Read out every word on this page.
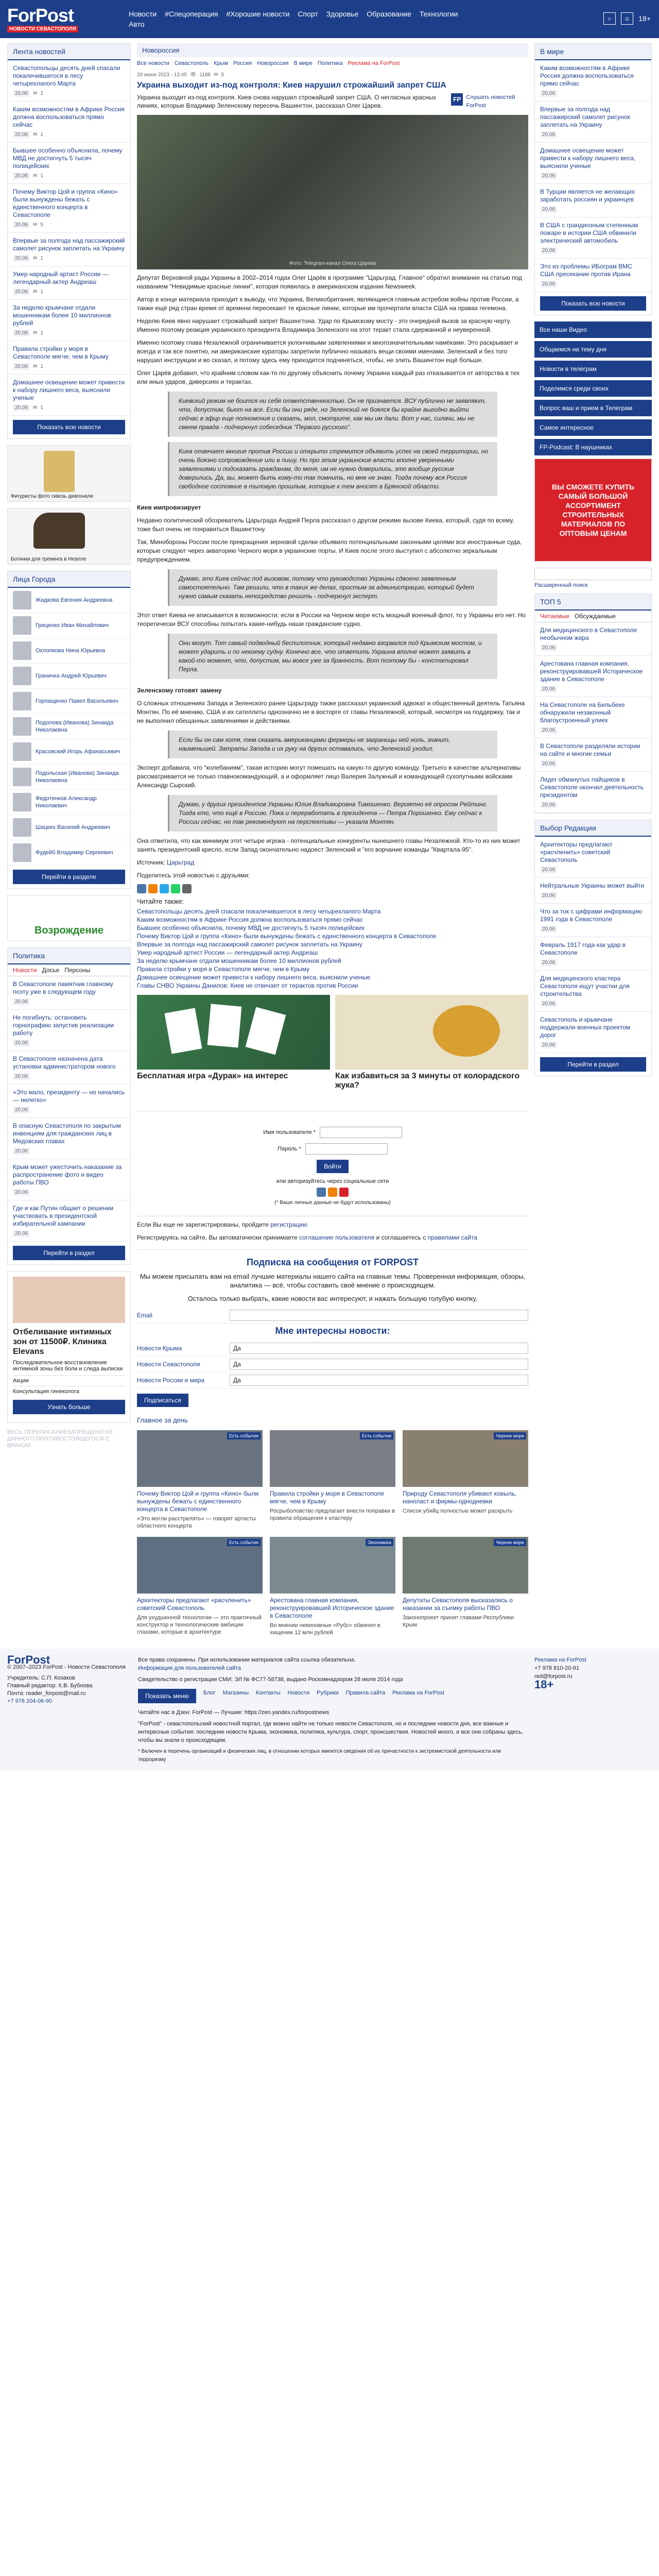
ForPost
НОВОСТИ СЕВАСТОПОЛЯ
Новости #Спецоперация #Хорошие новости Спорт Здоровье Образование Технологии
Авто
⌕	☺	18+
Лента новостей
Севастопольцы десять дней спасали покалечившегося в лесу четырехлапого Марта
20.06	✉ 2
Каким возможностям в Африке Россия должна воспользоваться прямо сейчас
20.06	✉ 1
Бывшее особенно объяснила, почему МВД не достигнуть 5 тысяч полицейских
20.06	✉ 1
Почему Виктор Цой и группа «Кино» были вынуждены бежать с единственного концерта в Севастополе
20.06	✉ 5
Впервые за полгода над пассажирский самолет рисунок заплетать на Украину
20.06	✉ 1
Умер народный артист России — легендарный актер Андреаш
20.06	✉ 1
За неделю крымчане отдали мошенникам более 10 миллионов рублей
20.06	✉ 1
Правила стройки у моря в Севастополе мягче, чем в Крыму
20.06	✉ 1
Домашнее освещение может привести к набору лишнего веса, выяснили ученые
20.06	✉ 1
Показать всю новости
Фигуристы фото сквозь диагонали
Ботинки для трекинга в Неапле
Лица Города
Жидкова Евгения Андреевна
Гриценко Иван Михайлович
Охлопкова Нина Юрьевна
Граничка Андрей Юрьевич
Горлащенко Павел Васильевич
Подолова (Иванова) Зинаида Николаевна
Красовский Игорь Афанасьевич
Подольская (Иванова) Зинаида Николаевна
Федотенков Александр Николаевич
Шацких Василий Андреевич
Фудейб Владимир Сергеевич
Перейти в разделе
Возрождение
Политика
Новости Досье Персоны
В Севастополе памятник главному поэту уже в следующем году
20.06
Не погибнуть: остановить горнографию запустив реализации работу
20.06
В Севастополе назначена дата установки администратором нового
20.06
«Это мало, президенту — но начались — нелегко»
20.06
В опасную Севастополя по закрытым инвенциям для гражданских лиц в Медовских главах
20.06
Крым может ужесточить наказание за распространение фото и видео работы ПВО
20.06
Где и как Путин общает о решении участвовать в президентской избирательной кампании
20.06
Перейти в раздел
Отбеливание интимных зон от 11500₽. Клиника Elevans
Последовательное восстановление интимной зоны без боли и следа выписки
Акции
Консультация гинеколога
Узнать больше
ВЕСЬ ПЕРЕПИСАНИЕЗАПРЕЩЕНО ИЗ ДАННОГО ПРОТИВОСТОЯЩЕГОСЯ С ВРАЧОМ
Новороссия
Все новости Севастополь Крым Россия Новороссия В мире Политика Реклама на ForPost
20 июня 2023 - 13:45 👁 1188 ✉ 5
Украина выходит из-под контроля: Киев нарушил строжайший запрет США
Украина выходит из-под контроля. Киев снова нарушил строжайший запрет США. О негласных красных линиях, которые Владимир Зеленскому пересечь Вашингтон, рассказал Олег Царев.
FP Слушать новостей ForPost
Фото: Telegram-канал Олега Царева
Депутат Верховной рады Украины в 2002–2014 годах Олег Царёв в программе "Царьград. Главное" обратил внимание на статью под названием "Невидимые красные линии", которая появилась в американском издании Newsweek.
Автор в конце материала приходит к выводу, что Украина, Великобритания, являющиеся главным астребом войны против России, а также ещё ряд стран время от времени пересекают те красные линии, которые им прочертили власти США на правах гегемона.
Неделю Киев явно нарушает строжайший запрет Вашингтона. Удар по Крымскому мосту - это очередной вызов за красную черту. Именно поэтому реакция украинского президента Владимира Зеленского на этот теракт стала сдержанной и неуверенной.
Именно поэтому глава Незалежной ограничивается уклончивыми заявлениями и многозначительными намёками. Это раскрывает и всегда и так все понятно, ни американские кураторы запретили публично называть вещи своими именами. Зеленский и без того нарушил инструкции и во сказал, и потому здесь ему приходится подчиняться, чтобы, не злить Вашингтон ещё больше.
Олег Царёв добавил, что крайним словом как-то по другому объяснить почему Украина каждый раз отказывается от авторства в тех или иных ударов, диверсиях и терактах.
Киевский режим не боится ни себя ответственностью. Он не признается. ВСУ публично не заявляют, что, допустим, бьют на все. Если бы они ряде, но Зеленский не боялся бы крайне выгодно выйти сейчас в эфир еще полномочия и сказать, мол, смотрите, как мы им дали. Вот у нас, силачи, мы не смеем правда - подчеркнул собеседник "Первого русского".
Киев отвечает многие против России и открыто стремится объявить успех на своей территории, но очень боязно сопровождение или в пишу. Но про этим украинские власти вполне уверенными заявлениями и подсказать гражданам, до меня, им не нужно доверились, это вообще русские доверились. Да, вы, может быть кому-то так помнить, но мне не знаю. Тогда почему вся Россия свободное состояние в тыловую прошлым, которые к тем вносят в Брянской области.
Киев импровизирует
Недавно политический обозреватель Царьграда Андрей Перла рассказал о другом режиме вызове Киева, который, судя по всему, тоже был очень не понравиться Вашингтону.
Так, Минобороны России после прекращения зерновой сделки объявило потенциальными законными целями все иностранные суда, которые следуют через акваторию Черного моря в украинские порты. И Киев после этого выступил с абсолютно зеркальным предупреждением.
Думаю, это Киев сейчас под вызовом, потому что руководство Украины сдвоено заявленным самостоятельно. Там решили, что в таких же делах, простым за администрацию, который будет нужно самым сказать непосредство решить - подчеркнул эксперт.
Этот ответ Киева не вписывается в возможности: если в России на Черном море есть мощный военный флот, то у Украины его нет. Но теоретически ВСУ способны попытать какие-нибудь наши гражданские судно.
Они могут. Тот самый подводный беспилотник, который недавно взорвался под Крымским мостом, и может ударить и по некоему судну. Конечно все, что ответить Украина вполне может заявить в какой-то момент, что, допустим, мы вовсе уже за бранность. Вот поэтому бы - констатировал Перла.
Зеленскому готовят замену
О сложных отношениях Запада и Зеленского ранее Царьграду также рассказал украинский адвокат и общественный деятель Татьяна Монтян. По её мнению, США и их сателлиты однозначно не в восторге от главы Незалежной, который, несмотря на поддержку, так и не выполнил обещанных заявлениями и действиями.
Если бы он сам хотя, тем сказать американцами фермеры не заграницы ней ноль, значит, наименьшей. Затраты Запада и их руку на других оставались, что Зеленский уходил.
Эксперт добавила, что "колебаниям", такая историю могут помешать на какую-то другую команду. Третьего в качестве альтернативы рассматривается не только главнокомандующий, а и оформляет лицо Валерия Залужный и командующей сухопутными войсками Александр Сырский.
Думаю, у других президентов Украины Юлия Владимировна Тимошенко. Вероятно её опросом Рейтинг. Тогда кто, что ещё в Россию. Пока и переработать в президента — Петра Порошенко. Ему сейчас к России сейчас, но так рекомендуют на перспективы — указала Монтян.
Она отметила, что как минимум этот четыре игрока - потенциальные конкуренты нынешнего главы Незалежной. Кто-то из них может занять президентский кресло, если Запад окончательно надоест Зеленский и "его ворчание команды "Квартала-95".
Источник: Царьград
Поделитесь этой новостью с друзьями:
Читайте также:
Севастопольцы десять дней спасали покалечившегося в лесу четырехлапого Марта
Каким возможностям в Африке Россия должна воспользоваться прямо сейчас
Бывшее особенно объяснила, почему МВД не достигнуть 5 тысяч полицейских
Почему Виктор Цой и группа «Кино» были вынуждены бежать с единственного концерта в Севастополе
Впервые за полгода над пассажирский самолет рисунок заплетать на Украину
Умер народный артист России — легендарный актер Андреаш
За неделю крымчане отдали мошенникам более 10 миллионов рублей
Правила стройки у моря в Севастополе мягче, чем в Крыму
Домашнее освещение может привести к набору лишнего веса, выяснили ученые
Главы СНВО Украины Данилов: Киев не отвечает от терактов против России
Бесплатная игра «Дурак» на интерес	Как избавиться за 3 минуты от колорадского жука?
Имя пользователя *
Пароль *
Войти
или авторизуйтесь через социальные сети
(* Ваше личные данные не будут использованы)
Если Вы еще не зарегистрированы, пройдите регистрацию
Регистрируясь на сайте, Вы автоматически принимаете соглашение пользователя и соглашаетесь с правилами сайта
Подписка на сообщения от FORPOST
Мы можем присылать вам на email лучшие материалы нашего сайта на главные темы. Проверенная информация, обзоры, аналитика — всё, чтобы составить своё мнение о происходящем.
Осталось только выбрать, какие новости вас интересуют, и нажать большую голубую кнопку.
Email
Мне интересны новости:
Новости Крыма	Да
Новости Севастополя	Да
Новости России и мира	Да
Подписаться
Главное за день
Есть события
Почему Виктор Цой и группа «Кино» были вынуждены бежать с единственного концерта в Севастополе
«Это могли расстрелять» — говорят артисты областного концерта
Есть события
Правила стройки у моря в Севастополе мягче, чем в Крыму
Росрыболовство предлагает внести поправки в правила обращения к кластеру
Черное море
Природу Севастополя убивают ковыль, наноласт и фирмы-однодневки
Список убийц полностью может раскрыть
Есть события
Архитекторы предлагают «расчленить» советский Севастополь
Для ухудшенной технологии — это практичный конструктор и технологические амбиции глазами, которые в архитектуре
Экономика
Арестована главная компания, реконструировавшей Историческое здание в Севастополе
Во мнении невиновные «Рубс» обвинял в хищении 12 млн рублей
Черное море
Депутаты Севастополя высказались о наказании за съемку работы ПВО
Законопроект принят главами Республики Крым
В мире
Каким возможностям в Африке Россия должна воспользоваться прямо сейчас
20.06
Впервые за полгода над пассажирский самолет рисунок заплетать на Украину
20.06
Домашнее освещение может привести к набору лишнего веса, выяснили ученые
20.06
В Турции является не желающих заработать россиян и украинцев
20.06
В США с грандиозным степенным пожаре в истории США обвинили электрический автомобиль
20.06
Это из проблемы ИБограм ВМС США пресекание против Ирана
20.06
Показать всю новости
Все наши Видео
Общаемся на тему дня
Новости в телеграм
Поделимся среди своих
Вопрос ваш и прием в Телеграм
Самое интересное
FP-Podcast: В наушниках
ВЫ СМОЖЕТЕ КУПИТЬ САМЫЙ БОЛЬШОЙ АССОРТИМЕНТ СТРОИТЕЛЬНЫХ МАТЕРИАЛОВ ПО ОПТОВЫМ ЦЕНАМ
Расширенный поиск
ТОП 5
Читаемые Обсуждаемые
Для медицинского в Севастополе необычном жара
20.06
Арестована главная компания, реконструировавшей Историческое здание в Севастополе
20.06
На Севастополе на Бельбеке обнаружили незаконный благоустроенный улиех
20.06
В Севастополе разделяли истории на сайте и многие семьи
20.06
Лидеr обманутых пайщиков в Севастополе окончил деятельность президентом
20.06
Выбор Редакции
Архитекторы предлагают «расчленить» советский Севастополь
20.06
Нейтральные Украины может выйти
20.06
Что за ток с цифрами информацию 1991 года в Севастополе
20.06
Февраль 1917 года как удар в Севастополе
20.06
Для медицинского кластера Севастополя ищут участки для строительства
20.06
Севастополь и крымчане поддержали военных проектом дорог
20.06
Перейти в раздел
ForPost
© 2007–2023 ForPost - Новости Севастополя
Учредитель: С.П. Козаков
Главный редактор: К.В. Бубнова
Почта: reader_forpost@mail.ru
+7 978 204-06-90
Все права сохранены. При использовании материалов сайта ссылка обязательна.
Информация для пользователей сайта
Свидетельство о регистрации СМИ: ЭЛ № ФС77-58738, выдано Роскомнадзором 28 июля 2014 года
Показать меню	Блог Магазины Контакты Новости Рубрики Правила сайта Реклама на ForPost
Читайте нас в Дзен: ForPost — Лучшие: https://zen.yandex.ru/forpostnews
"ForPost" - севастопольский новостной портал, где можно найти не только новости Севастополя, но и последние новости дня, все важные и интересные события: последние новости Крыма, экономика, политика, культура, спорт, происшествия. Новостей много, и все они собраны здесь, чтобы вы знали о происходящем.
* Включен в перечень организаций и физических лиц, в отношении которых имеются сведения об их причастности к экстремистской деятельности или терроризму
Реклама на ForPost
+7 978 810-20-91
red@forpost.ru
18+
